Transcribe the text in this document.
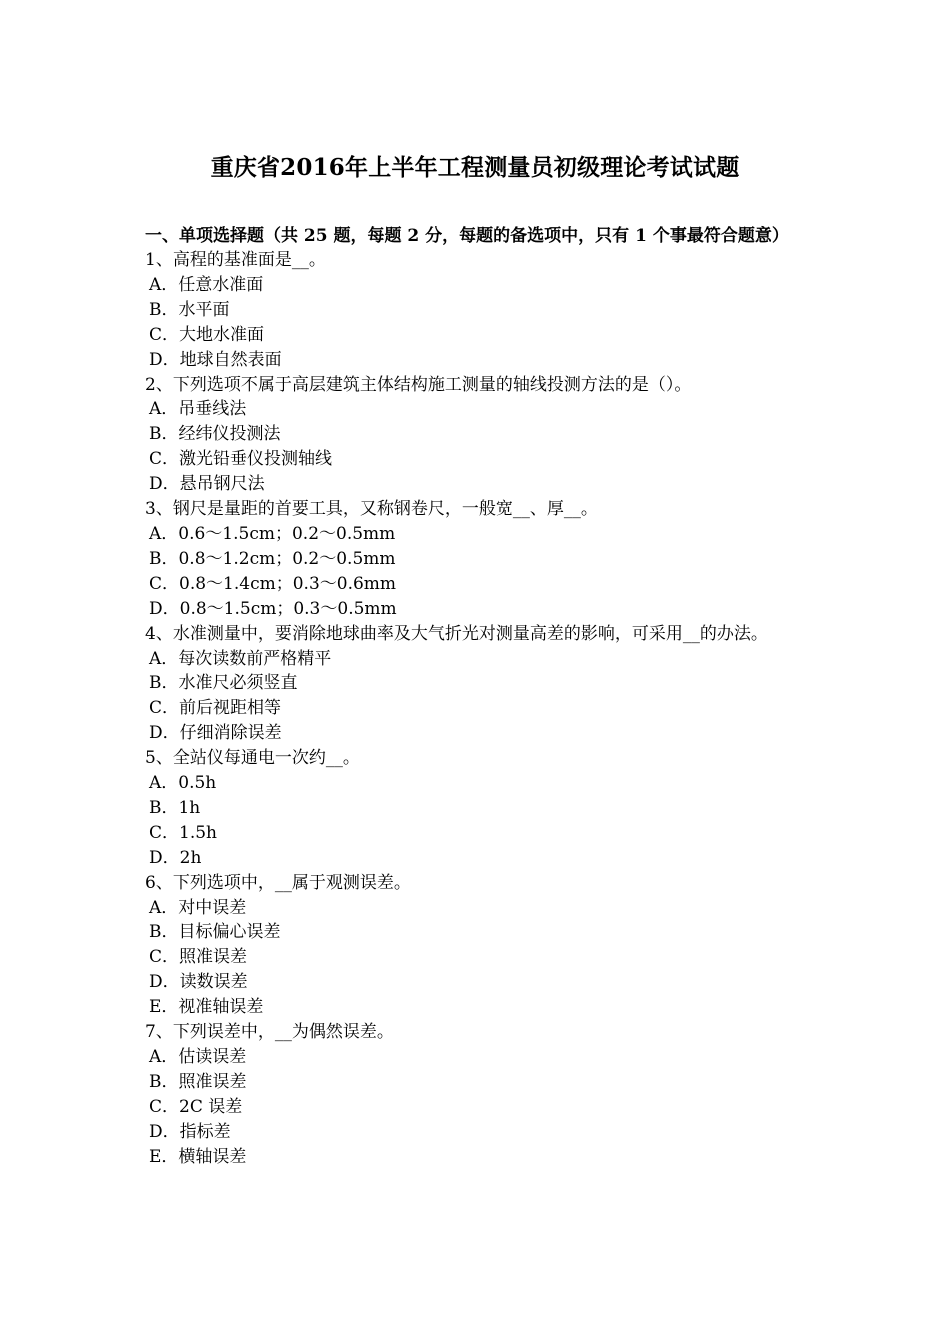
重庆省2016年上半年工程测量员初级理论考试试题
一、单项选择题（共 25 题，每题 2 分，每题的备选项中，只有 1 个事最符合题意）

1、高程的基准面是__。

A．任意水准面

B．水平面

C．大地水准面

D．地球自然表面

2、下列选项不属于高层建筑主体结构施工测量的轴线投测方法的是（）。

A．吊垂线法

B．经纬仪投测法

C．激光铅垂仪投测轴线

D．悬吊钢尺法

3、钢尺是量距的首要工具，又称钢卷尺，一般宽__、厚__。

A．0.6～1.5cm；0.2～0.5mm

B．0.8～1.2cm；0.2～0.5mm

C．0.8～1.4cm；0.3～0.6mm

D．0.8～1.5cm；0.3～0.5mm

4、水准测量中，要消除地球曲率及大气折光对测量高差的影响，可采用__的办法。

A．每次读数前严格精平

B．水准尺必须竖直

C．前后视距相等

D．仔细消除误差

5、全站仪每通电一次约__。

A．0.5h

B．1h

C．1.5h

D．2h

6、下列选项中，__属于观测误差。

A．对中误差

B．目标偏心误差

C．照准误差

D．读数误差

E．视准轴误差

7、下列误差中，__为偶然误差。

A．估读误差

B．照准误差

C．2C 误差

D．指标差

E．横轴误差
